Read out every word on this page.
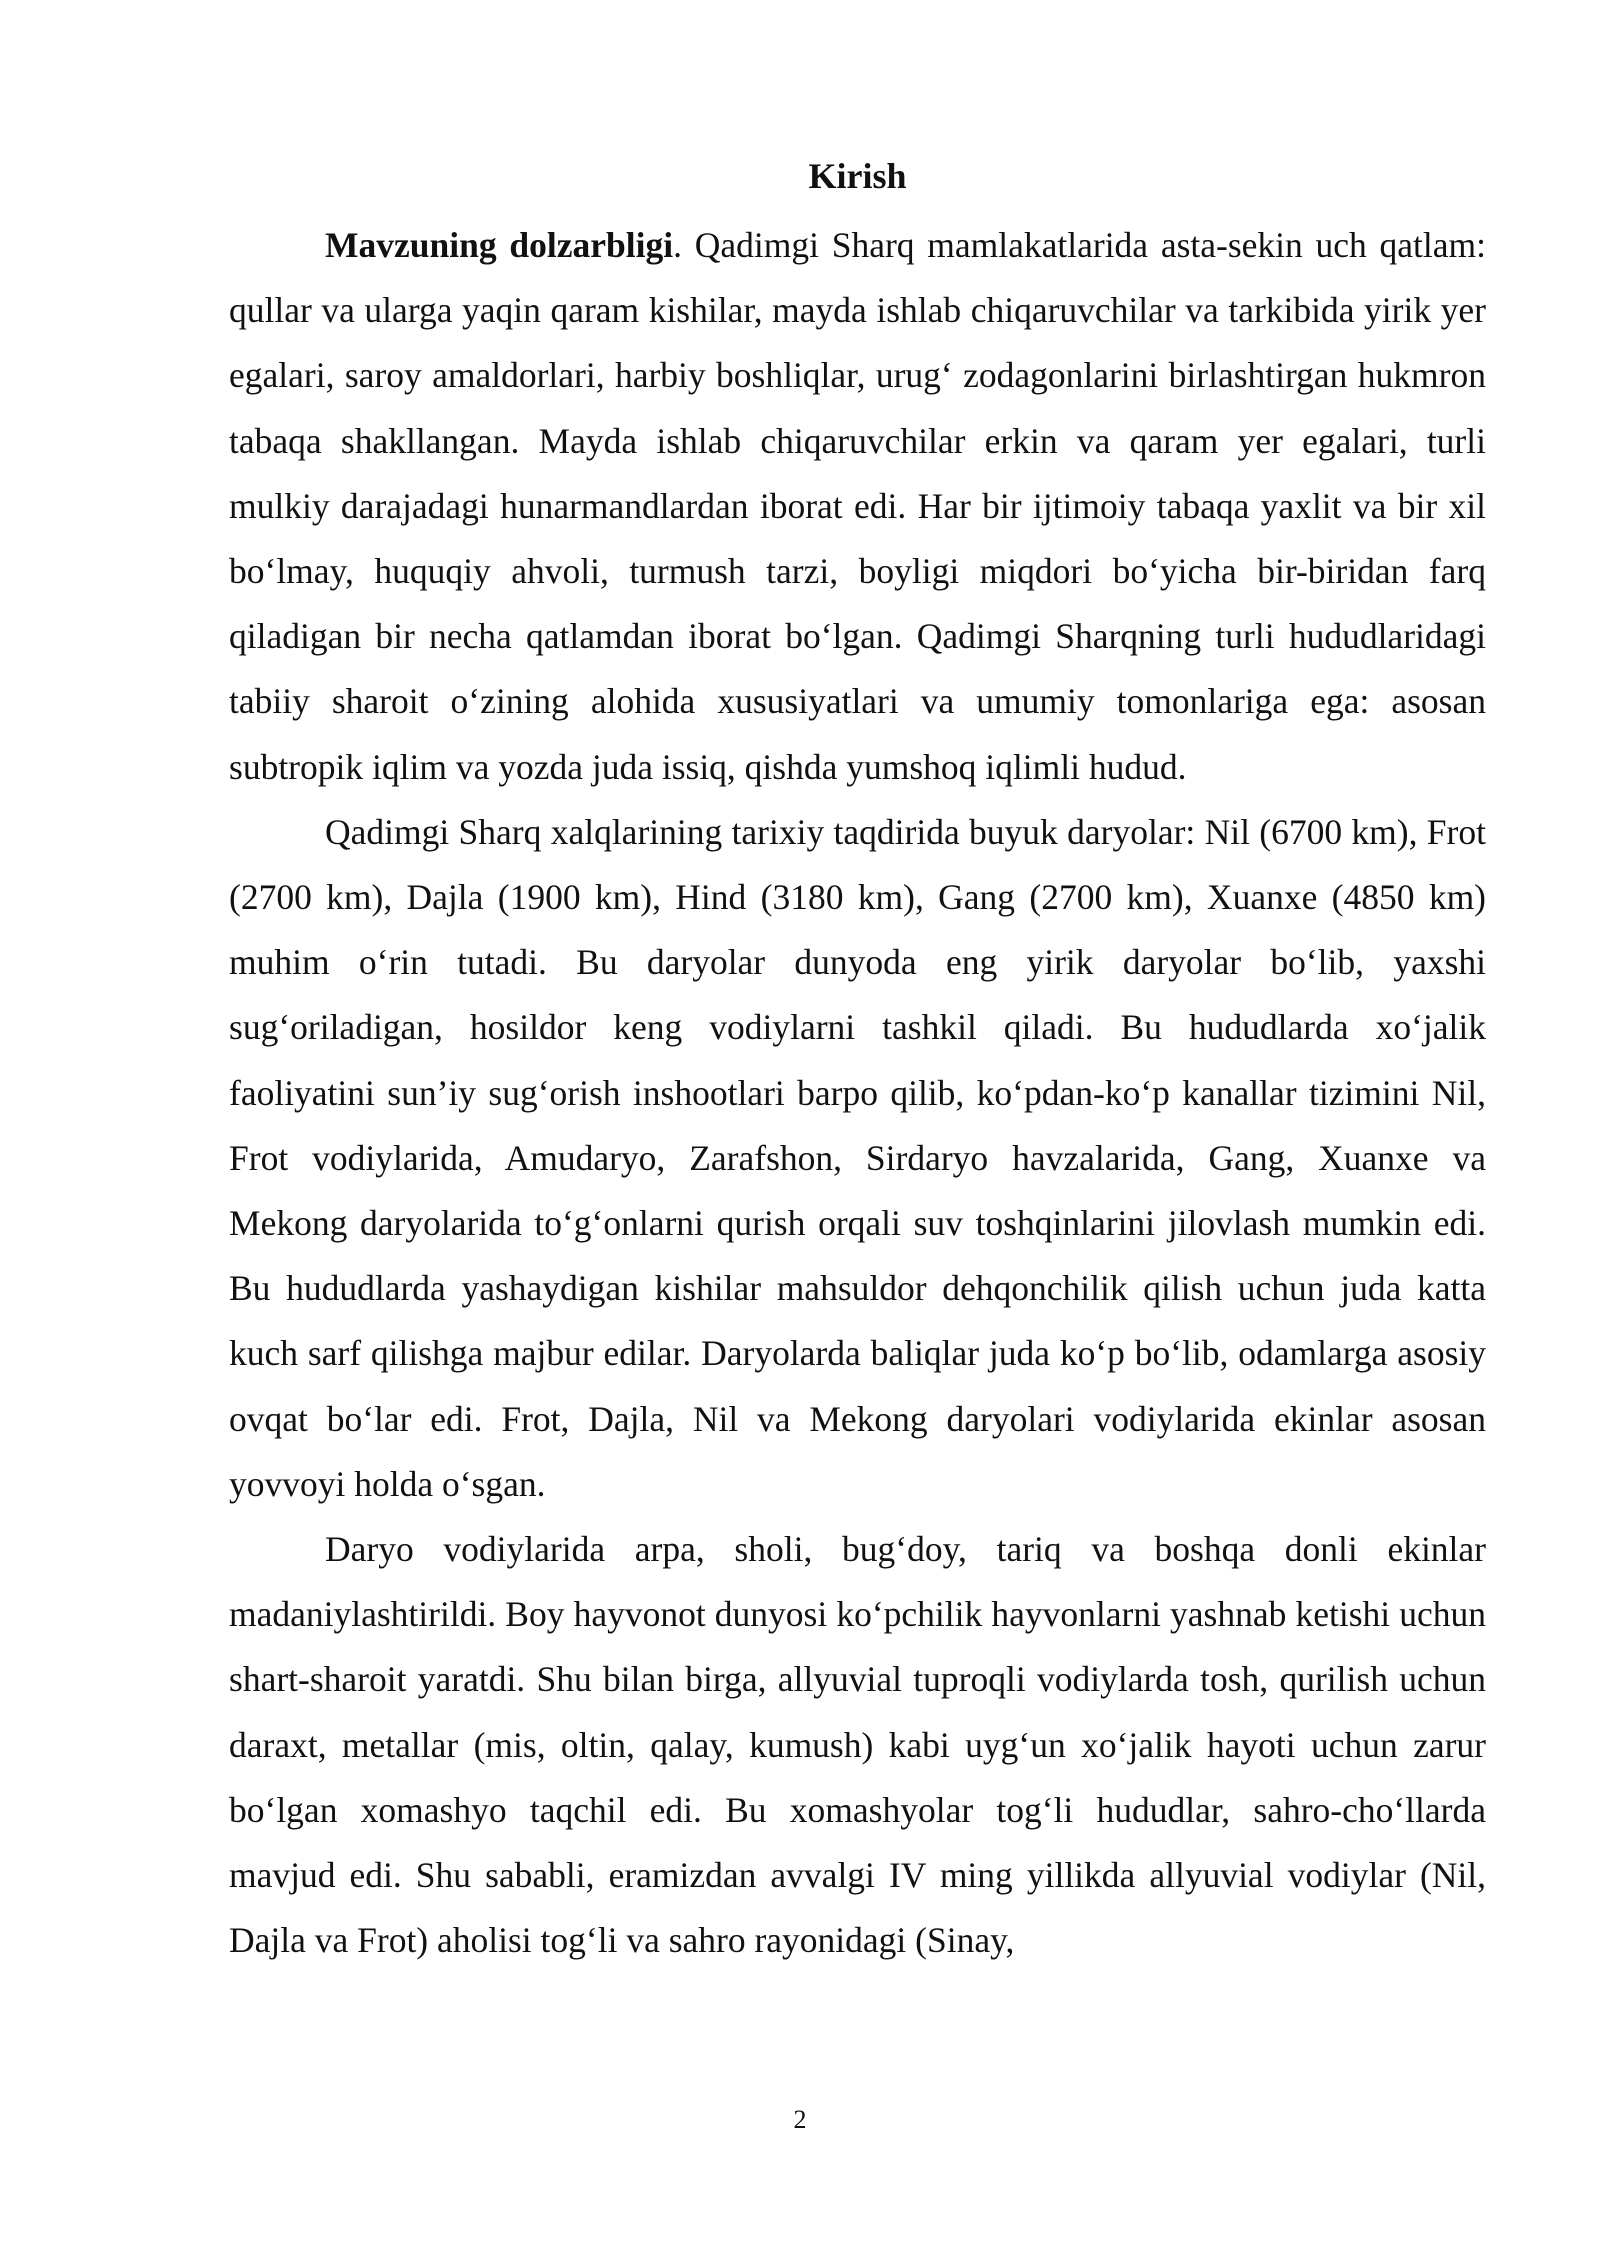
Kirish

Mavzuning dolzarbligi. Qadimgi Sharq mamlakatlarida asta-sekin uch qatlam: qullar va ularga yaqin qaram kishilar, mayda ishlab chiqaruvchilar va tarkibida yirik yer egalari, saroy amaldorlari, harbiy boshliqlar, urug‘ zodagonlarini birlashtirgan hukmron tabaqa shakllangan. Mayda ishlab chiqaruvchilar erkin va qaram yer egalari, turli mulkiy darajadagi hunarmandlardan iborat edi. Har bir ijtimoiy tabaqa yaxlit va bir xil bo‘lmay, huquqiy ahvoli, turmush tarzi, boyligi miqdori bo‘yicha bir-biridan farq qiladigan bir necha qatlamdan iborat bo‘lgan. Qadimgi Sharqning turli hududlaridagi tabiiy sharoit o‘zining alohida xususiyatlari va umumiy tomonlariga ega: asosan subtropik iqlim va yozda juda issiq, qishda yumshoq iqlimli hudud.

Qadimgi Sharq xalqlarining tarixiy taqdirida buyuk daryolar: Nil (6700 km), Frot (2700 km), Dajla (1900 km), Hind (3180 km), Gang (2700 km), Xuanxe (4850 km) muhim o‘rin tutadi. Bu daryolar dunyoda eng yirik daryolar bo‘lib, yaxshi sug‘oriladigan, hosildor keng vodiylarni tashkil qiladi. Bu hududlarda xo‘jalik faoliyatini sun’iy sug‘orish inshootlari barpo qilib, ko‘pdan-ko‘p kanallar tizimini Nil, Frot vodiylarida, Amudaryo, Zarafshon, Sirdaryo havzalarida, Gang, Xuanxe va Mekong daryolarida to‘g‘onlarni qurish orqali suv toshqinlarini jilovlash mumkin edi. Bu hududlarda yashaydigan kishilar mahsuldor dehqonchilik qilish uchun juda katta kuch sarf qilishga majbur edilar. Daryolarda baliqlar juda ko‘p bo‘lib, odamlarga asosiy ovqat bo‘lar edi. Frot, Dajla, Nil va Mekong daryolari vodiylarida ekinlar asosan yovvoyi holda o‘sgan.

Daryo vodiylarida arpa, sholi, bug‘doy, tariq va boshqa donli ekinlar madaniylashtirildi. Boy hayvonot dunyosi ko‘pchilik hayvonlarni yashnab ketishi uchun shart-sharoit yaratdi. Shu bilan birga, allyuvial tuproqli vodiylarda tosh, qurilish uchun daraxt, metallar (mis, oltin, qalay, kumush) kabi uyg‘un xo‘jalik hayoti uchun zarur bo‘lgan xomashyo taqchil edi. Bu xomashyolar tog‘li hududlar, sahro-cho‘llarda mavjud edi. Shu sababli, eramizdan avvalgi IV ming yillikda allyuvial vodiylar (Nil, Dajla va Frot) aholisi tog‘li va sahro rayonidagi (Sinay,

2
